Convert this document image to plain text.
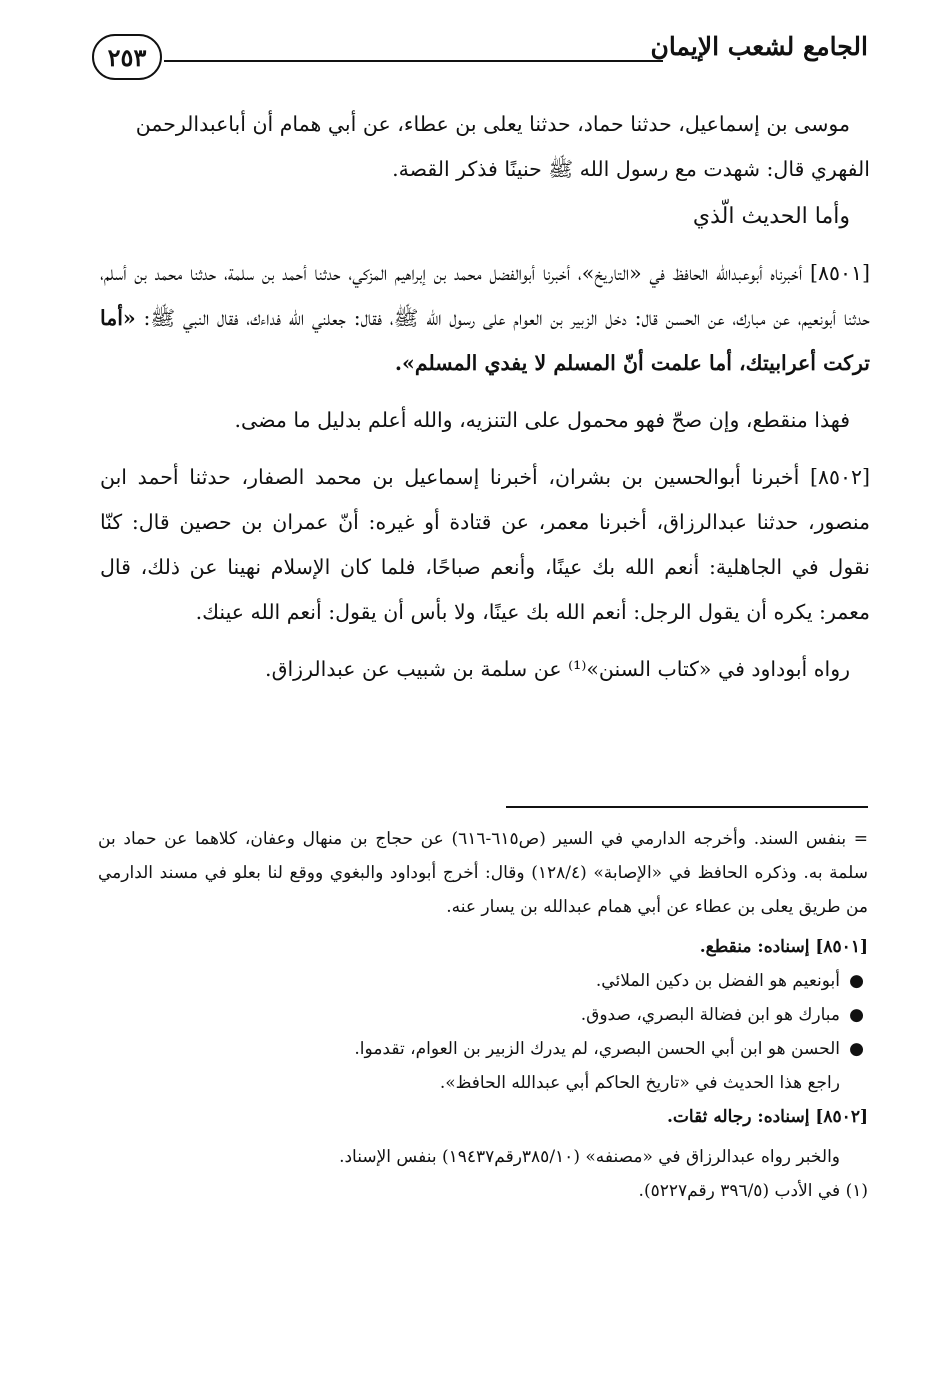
الجامع لشعب الإيمان
٢٥٣

موسى بن إسماعيل، حدثنا حماد، حدثنا يعلى بن عطاء، عن أبي همام أن أباعبدالرحمن

الفهري قال: شهدت مع رسول الله ﷺ حنينًا فذكر القصة.

وأما الحديث الّذي

[٨٥٠١] أخبرناه أبوعبدالله الحافظ في «التاريخ»، أخبرنا أبوالفضل محمد بن إبراهيم المزكي، حدثنا أحمد بن سلمة، حدثنا محمد بن أسلم، حدثنا أبونعيم، عن مبارك، عن الحسن قال: دخل الزبير بن العوام على رسول الله ﷺ، فقال: جعلني الله فداءك، فقال النبي ﷺ: «أما تركت أعرابيتك، أما علمت أنّ المسلم لا يفدي المسلم».

فهذا منقطع، وإن صحّ فهو محمول على التنزيه، والله أعلم بدليل ما مضى.

[٨٥٠٢] أخبرنا أبوالحسين بن بشران، أخبرنا إسماعيل بن محمد الصفار، حدثنا أحمد ابن منصور، حدثنا عبدالرزاق، أخبرنا معمر، عن قتادة أو غيره: أنّ عمران بن حصين قال: كنّا نقول في الجاهلية: أنعم الله بك عينًا، وأنعم صباحًا، فلما كان الإسلام نهينا عن ذلك، قال معمر: يكره أن يقول الرجل: أنعم الله بك عينًا، ولا بأس أن يقول: أنعم الله عينك.

رواه أبوداود في «كتاب السنن»⁽¹⁾ عن سلمة بن شبيب عن عبدالرزاق.

= بنفس السند. وأخرجه الدارمي في السير (ص٦١٥-٦١٦) عن حجاج بن منهال وعفان، كلاهما عن حماد بن سلمة به. وذكره الحافظ في «الإصابة» (١٢٨/٤) وقال: أخرج أبوداود والبغوي ووقع لنا بعلو في مسند الدارمي من طريق يعلى بن عطاء عن أبي همام عبدالله بن يسار عنه.

[٨٥٠١] إسناده: منقطع.

●
أبونعيم هو الفضل بن دكين الملائي.
●
مبارك هو ابن فضالة البصري، صدوق.
●
الحسن هو ابن أبي الحسن البصري، لم يدرك الزبير بن العوام، تقدموا.

راجع هذا الحديث في «تاريخ الحاكم أبي عبدالله الحافظ».

[٨٥٠٢] إسناده: رجاله ثقات.

والخبر رواه عبدالرزاق في «مصنفه» (٣٨٥/١٠رقم١٩٤٣٧) بنفس الإسناد.

(١) في الأدب (٣٩٦/٥ رقم٥٢٢٧).
